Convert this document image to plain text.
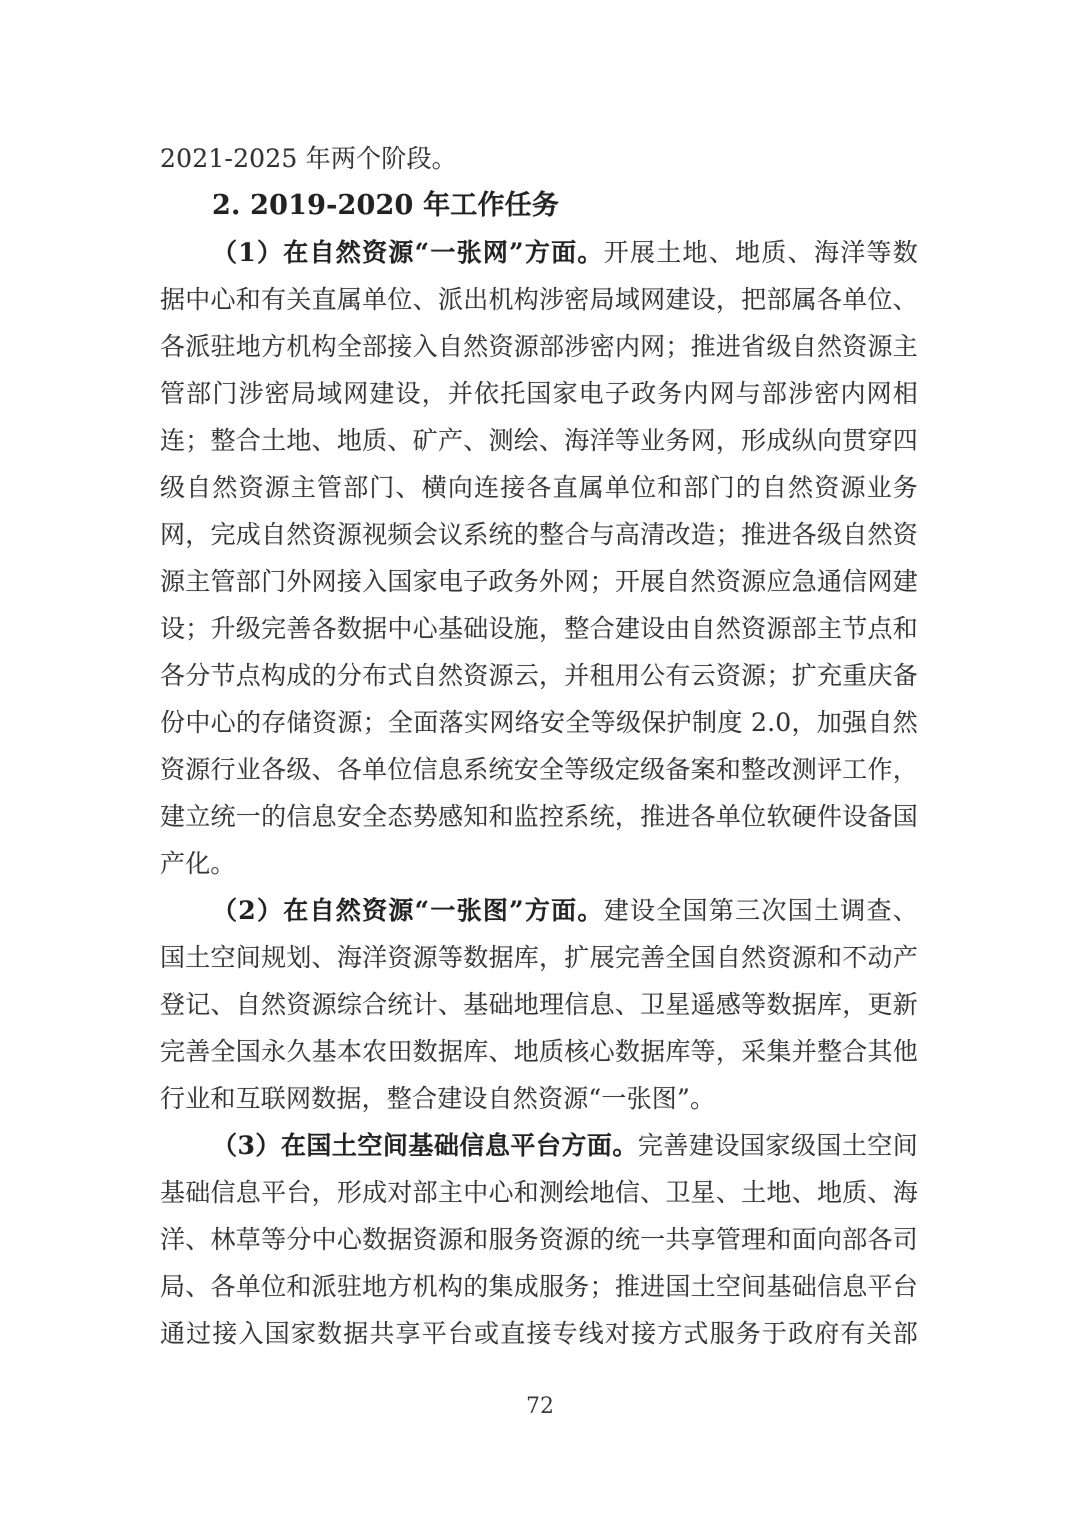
2021-2025 年两个阶段。
2. 2019-2020 年工作任务
（1）在自然资源“一张网”方面。开展土地、地质、海洋等数
据中心和有关直属单位、派出机构涉密局域网建设，把部属各单位、
各派驻地方机构全部接入自然资源部涉密内网；推进省级自然资源主
管部门涉密局域网建设，并依托国家电子政务内网与部涉密内网相
连；整合土地、地质、矿产、测绘、海洋等业务网，形成纵向贯穿四
级自然资源主管部门、横向连接各直属单位和部门的自然资源业务
网，完成自然资源视频会议系统的整合与高清改造；推进各级自然资
源主管部门外网接入国家电子政务外网；开展自然资源应急通信网建
设；升级完善各数据中心基础设施，整合建设由自然资源部主节点和
各分节点构成的分布式自然资源云，并租用公有云资源；扩充重庆备
份中心的存储资源；全面落实网络安全等级保护制度 2.0，加强自然
资源行业各级、各单位信息系统安全等级定级备案和整改测评工作，
建立统一的信息安全态势感知和监控系统，推进各单位软硬件设备国
产化。
（2）在自然资源“一张图”方面。建设全国第三次国土调查、
国土空间规划、海洋资源等数据库，扩展完善全国自然资源和不动产
登记、自然资源综合统计、基础地理信息、卫星遥感等数据库，更新
完善全国永久基本农田数据库、地质核心数据库等，采集并整合其他
行业和互联网数据，整合建设自然资源“一张图”。
（3）在国土空间基础信息平台方面。完善建设国家级国土空间
基础信息平台，形成对部主中心和测绘地信、卫星、土地、地质、海
洋、林草等分中心数据资源和服务资源的统一共享管理和面向部各司
局、各单位和派驻地方机构的集成服务；推进国土空间基础信息平台
通过接入国家数据共享平台或直接专线对接方式服务于政府有关部
72
